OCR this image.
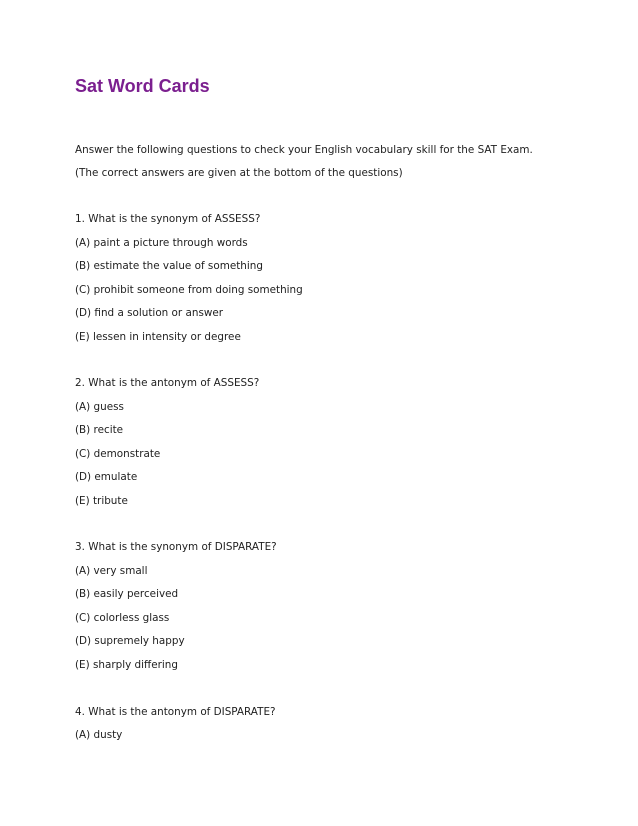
Sat Word Cards

Answer the following questions to check your English vocabulary skill for the SAT Exam.

(The correct answers are given at the bottom of the questions)

1. What is the synonym of ASSESS?

(A) paint a picture through words

(B) estimate the value of something

(C) prohibit someone from doing something

(D) find a solution or answer

(E) lessen in intensity or degree

2. What is the antonym of ASSESS?

(A) guess

(B) recite

(C) demonstrate

(D) emulate

(E) tribute

3. What is the synonym of DISPARATE?

(A) very small

(B) easily perceived

(C) colorless glass

(D) supremely happy

(E) sharply differing

4. What is the antonym of DISPARATE?

(A) dusty
